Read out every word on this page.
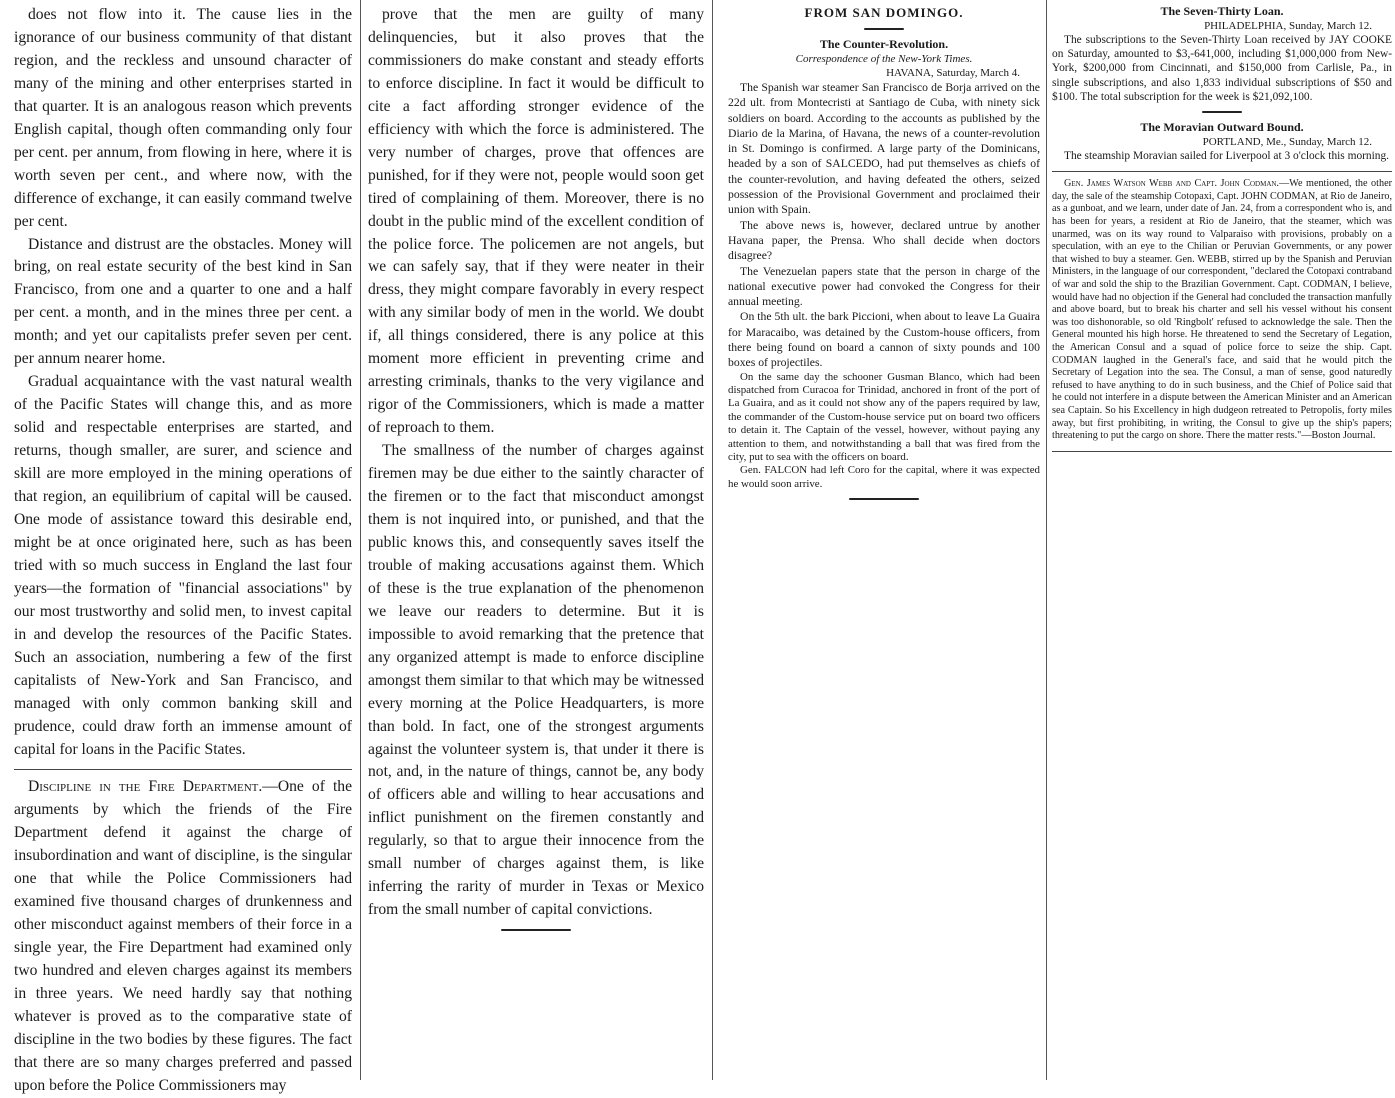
does not flow into it. The cause lies in the ignorance of our business community of that distant region, and the reckless and unsound character of many of the mining and other enterprises started in that quarter. It is an analogous reason which prevents English capital, though often commanding only four per cent. per annum, from flowing in here, where it is worth seven per cent., and where now, with the difference of exchange, it can easily command twelve per cent.

Distance and distrust are the obstacles. Money will bring, on real estate security of the best kind in San Francisco, from one and a quarter to one and a half per cent. a month, and in the mines three per cent. a month; and yet our capitalists prefer seven per cent. per annum nearer home.

Gradual acquaintance with the vast natural wealth of the Pacific States will change this, and as more solid and respectable enterprises are started, and returns, though smaller, are surer, and science and skill are more employed in the mining operations of that region, an equilibrium of capital will be caused. One mode of assistance toward this desirable end, might be at once originated here, such as has been tried with so much success in England the last four years—the formation of "financial associations" by our most trustworthy and solid men, to invest capital in and develop the resources of the Pacific States. Such an association, numbering a few of the first capitalists of New-York and San Francisco, and managed with only common banking skill and prudence, could draw forth an immense amount of capital for loans in the Pacific States.

Discipline in the Fire Department.—One of the arguments by which the friends of the Fire Department defend it against the charge of insubordination and want of discipline, is the singular one that while the Police Commissioners had examined five thousand charges of drunkenness and other misconduct against members of their force in a single year, the Fire Department had examined only two hundred and eleven charges against its members in three years. We need hardly say that nothing whatever is proved as to the comparative state of discipline in the two bodies by these figures. The fact that there are so many charges preferred and passed upon before the Police Commissioners may

prove that the men are guilty of many delinquencies, but it also proves that the commissioners do make constant and steady efforts to enforce discipline. In fact it would be difficult to cite a fact affording stronger evidence of the efficiency with which the force is administered. The very number of charges, prove that offences are punished, for if they were not, people would soon get tired of complaining of them. Moreover, there is no doubt in the public mind of the excellent condition of the police force. The policemen are not angels, but we can safely say, that if they were neater in their dress, they might compare favorably in every respect with any similar body of men in the world. We doubt if, all things considered, there is any police at this moment more efficient in preventing crime and arresting criminals, thanks to the very vigilance and rigor of the Commissioners, which is made a matter of reproach to them.

The smallness of the number of charges against firemen may be due either to the saintly character of the firemen or to the fact that misconduct amongst them is not inquired into, or punished, and that the public knows this, and consequently saves itself the trouble of making accusations against them. Which of these is the true explanation of the phenomenon we leave our readers to determine. But it is impossible to avoid remarking that the pretence that any organized attempt is made to enforce discipline amongst them similar to that which may be witnessed every morning at the Police Headquarters, is more than bold. In fact, one of the strongest arguments against the volunteer system is, that under it there is not, and, in the nature of things, cannot be, any body of officers able and willing to hear accusations and inflict punishment on the firemen constantly and regularly, so that to argue their innocence from the small number of charges against them, is like inferring the rarity of murder in Texas or Mexico from the small number of capital convictions.

FROM SAN DOMINGO.
The Counter-Revolution.
Correspondence of the New-York Times.
HAVANA, Saturday, March 4.

The Spanish war steamer San Francisco de Borja arrived on the 22d ult. from Montecristi at Santiago de Cuba, with ninety sick soldiers on board. According to the accounts as published by the Diario de la Marina, of Havana, the news of a counter-revolution in St. Domingo is confirmed. A large party of the Dominicans, headed by a son of SALCEDO, had put themselves as chiefs of the counter-revolution, and having defeated the others, seized possession of the Provisional Government and proclaimed their union with Spain.

The above news is, however, declared untrue by another Havana paper, the Prensa. Who shall decide when doctors disagree?

The Venezuelan papers state that the person in charge of the national executive power had convoked the Congress for their annual meeting.

On the 5th ult. the bark Piccioni, when about to leave La Guaira for Maracaibo, was detained by the Custom-house officers, from there being found on board a cannon of sixty pounds and 100 boxes of projectiles.

On the same day the schooner Gusman Blanco, which had been dispatched from Curacoa for Trinidad, anchored in front of the port of La Guaira, and as it could not show any of the papers required by law, the commander of the Custom-house service put on board two officers to detain it. The Captain of the vessel, however, without paying any attention to them, and notwithstanding a ball that was fired from the city, put to sea with the officers on board.

Gen. FALCON had left Coro for the capital, where it was expected he would soon arrive.

The Seven-Thirty Loan.
PHILADELPHIA, Sunday, March 12.

The subscriptions to the Seven-Thirty Loan received by JAY COOKE on Saturday, amounted to $3,-641,000, including $1,000,000 from New-York, $200,000 from Cincinnati, and $150,000 from Carlisle, Pa., in single subscriptions, and also 1,833 individual subscriptions of $50 and $100. The total subscription for the week is $21,092,100.

The Moravian Outward Bound.
PORTLAND, Me., Sunday, March 12.

The steamship Moravian sailed for Liverpool at 3 o'clock this morning.

Gen. James Watson Webb and Capt. John Codman.—We mentioned, the other day, the sale of the steamship Cotopaxi, Capt. JOHN CODMAN, at Rio de Janeiro, as a gunboat, and we learn, under date of Jan. 24, from a correspondent who is, and has been for years, a resident at Rio de Janeiro, that the steamer, which was unarmed, was on its way round to Valparaiso with provisions, probably on a speculation, with an eye to the Chilian or Peruvian Governments, or any power that wished to buy a steamer. Gen. WEBB, stirred up by the Spanish and Peruvian Ministers, in the language of our correspondent, "declared the Cotopaxi contraband of war and sold the ship to the Brazilian Government. Capt. CODMAN, I believe, would have had no objection if the General had concluded the transaction manfully and above board, but to break his charter and sell his vessel without his consent was too dishonorable, so old 'Ringbolt' refused to acknowledge the sale. Then the General mounted his high horse. He threatened to send the Secretary of Legation, the American Consul and a squad of police force to seize the ship. Capt. CODMAN laughed in the General's face, and said that he would pitch the Secretary of Legation into the sea. The Consul, a man of sense, good naturedly refused to have anything to do in such business, and the Chief of Police said that he could not interfere in a dispute between the American Minister and an American sea Captain. So his Excellency in high dudgeon retreated to Petropolis, forty miles away, but first prohibiting, in writing, the Consul to give up the ship's papers; threatening to put the cargo on shore. There the matter rests."—Boston Journal.
